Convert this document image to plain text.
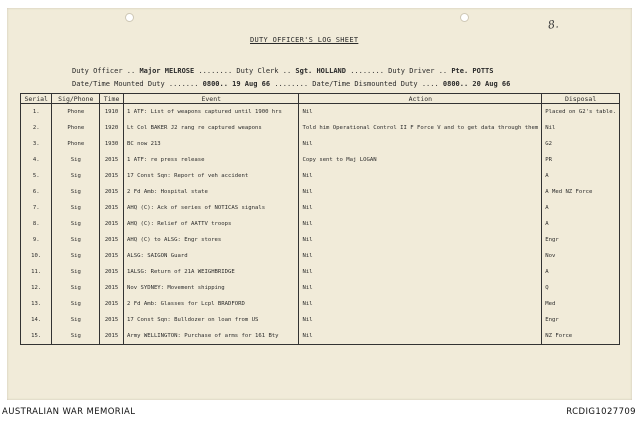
8.
DUTY OFFICER'S LOG SHEET
Duty Officer .. Major MELROSE ........ Duty Clerk .. Sgt. HOLLAND ........ Duty Driver .. Pte. POTTS
Date/Time Mounted Duty ....... 0800.. 19 Aug 66 ........ Date/Time Dismounted Duty .... 0800.. 20 Aug 66
Serial	Sig/Phone	Time	Event	Action	Disposal
1.	Phone	1910	1 ATF: List of weapons captured until 1900 hrs	Nil	Placed on G2's table.
2.	Phone	1920	Lt Col BAKER J2 rang re captured weapons	Told him Operational Control II F Force V and to get data through them	Nil
3.	Phone	1930	BC now 213	Nil	G2
4.	Sig	2015	1 ATF: re press release	Copy sent to Maj LOGAN	PR
5.	Sig	2015	17 Const Sqn: Report of veh accident	Nil	A
6.	Sig	2015	2 Fd Amb: Hospital state	Nil	A Med NZ Force
7.	Sig	2015	AHQ (C): Ack of series of NOTICAS signals	Nil	A
8.	Sig	2015	AHQ (C): Relief of AATTV troops	Nil	A
9.	Sig	2015	AHQ (C) to ALSG: Engr stores	Nil	Engr
10.	Sig	2015	ALSG: SAIGON Guard	Nil	Nov
11.	Sig	2015	1ALSG: Return of 21A WEIGHBRIDGE	Nil	A
12.	Sig	2015	Nov SYDNEY: Movement shipping	Nil	Q
13.	Sig	2015	2 Fd Amb: Glasses for Lcpl BRADFORD	Nil	Med
14.	Sig	2015	17 Const Sqn: Bulldozer on loan from US	Nil	Engr
15.	Sig	2015	Army WELLINGTON: Purchase of arms for 161 Bty	Nil	NZ Force
AUSTRALIAN WAR MEMORIAL	RCDIG1027709
